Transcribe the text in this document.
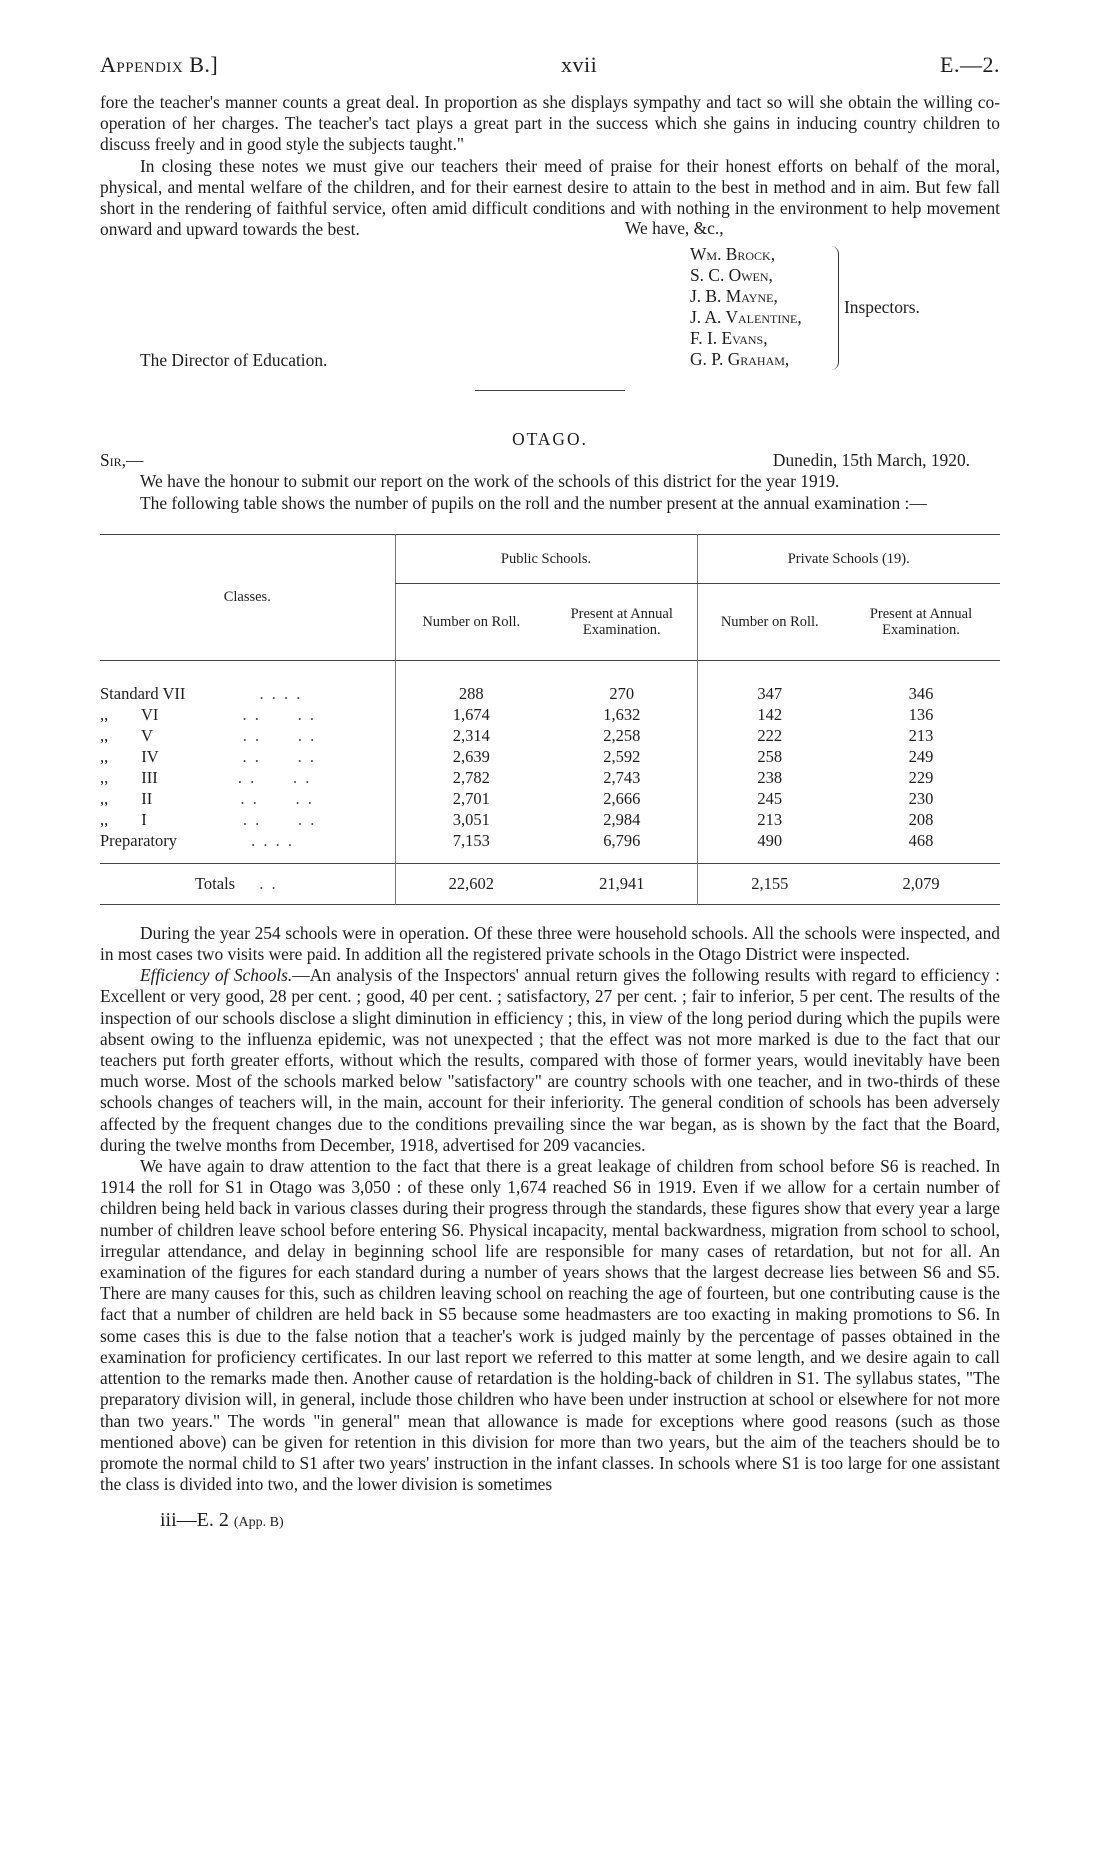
Appendix B.]	xvii	E.—2.

fore the teacher's manner counts a great deal. In proportion as she displays sympathy and tact so will she obtain the willing co-operation of her charges. The teacher's tact plays a great part in the success which she gains in inducing country children to discuss freely and in good style the subjects taught."

In closing these notes we must give our teachers their meed of praise for their honest efforts on behalf of the moral, physical, and mental welfare of the children, and for their earnest desire to attain to the best in method and in aim. But few fall short in the rendering of faithful service, often amid difficult conditions and with nothing in the environment to help movement onward and upward towards the best.	We have, &c.,
Wm. Brock,
S. C. Owen,
J. B. Mayne,
J. A. Valentine,
F. I. Evans,
G. P. Graham,
Inspectors.
The Director of Education.
OTAGO.
Sir,—	Dunedin, 15th March, 1920.

We have the honour to submit our report on the work of the schools of this district for the year 1919.

The following table shows the number of pupils on the roll and the number present at the annual examination :—

Classes.	Public Schools.		Private Schools (19).	
	Number on Roll.	Present at Annual Examination.	Number on Roll.	Present at Annual Examination.

Standard VII . . . .	288	270	347	346
,,        VI . .      . .	1,674	1,632	142	136
,,        V . .      . .	2,314	2,258	222	213
,,        IV . .      . .	2,639	2,592	258	249
,,        III . .      . .	2,782	2,743	238	229
,,        II . .      . .	2,701	2,666	245	230
,,        I . .      . .	3,051	2,984	213	208
Preparatory . . . .	7,153	6,796	490	468

Totals . .	22,602	21,941	2,155	2,079

During the year 254 schools were in operation. Of these three were household schools. All the schools were inspected, and in most cases two visits were paid. In addition all the registered private schools in the Otago District were inspected.

Efficiency of Schools.—An analysis of the Inspectors' annual return gives the following results with regard to efficiency : Excellent or very good, 28 per cent. ; good, 40 per cent. ; satisfactory, 27 per cent. ; fair to inferior, 5 per cent. The results of the inspection of our schools disclose a slight diminution in efficiency ; this, in view of the long period during which the pupils were absent owing to the influenza epidemic, was not unexpected ; that the effect was not more marked is due to the fact that our teachers put forth greater efforts, without which the results, compared with those of former years, would inevitably have been much worse. Most of the schools marked below "satisfactory" are country schools with one teacher, and in two-thirds of these schools changes of teachers will, in the main, account for their inferiority. The general condition of schools has been adversely affected by the frequent changes due to the conditions prevailing since the war began, as is shown by the fact that the Board, during the twelve months from December, 1918, advertised for 209 vacancies.

We have again to draw attention to the fact that there is a great leakage of children from school before S6 is reached. In 1914 the roll for S1 in Otago was 3,050 : of these only 1,674 reached S6 in 1919. Even if we allow for a certain number of children being held back in various classes during their progress through the standards, these figures show that every year a large number of children leave school before entering S6. Physical incapacity, mental backwardness, migration from school to school, irregular attendance, and delay in beginning school life are responsible for many cases of retardation, but not for all. An examination of the figures for each standard during a number of years shows that the largest decrease lies between S6 and S5. There are many causes for this, such as children leaving school on reaching the age of fourteen, but one contributing cause is the fact that a number of children are held back in S5 because some headmasters are too exacting in making promotions to S6. In some cases this is due to the false notion that a teacher's work is judged mainly by the percentage of passes obtained in the examination for proficiency certificates. In our last report we referred to this matter at some length, and we desire again to call attention to the remarks made then. Another cause of retardation is the holding-back of children in S1. The syllabus states, "The preparatory division will, in general, include those children who have been under instruction at school or elsewhere for not more than two years." The words "in general" mean that allowance is made for exceptions where good reasons (such as those mentioned above) can be given for retention in this division for more than two years, but the aim of the teachers should be to promote the normal child to S1 after two years' instruction in the infant classes. In schools where S1 is too large for one assistant the class is divided into two, and the lower division is sometimes

iii—E. 2 (App. B)
